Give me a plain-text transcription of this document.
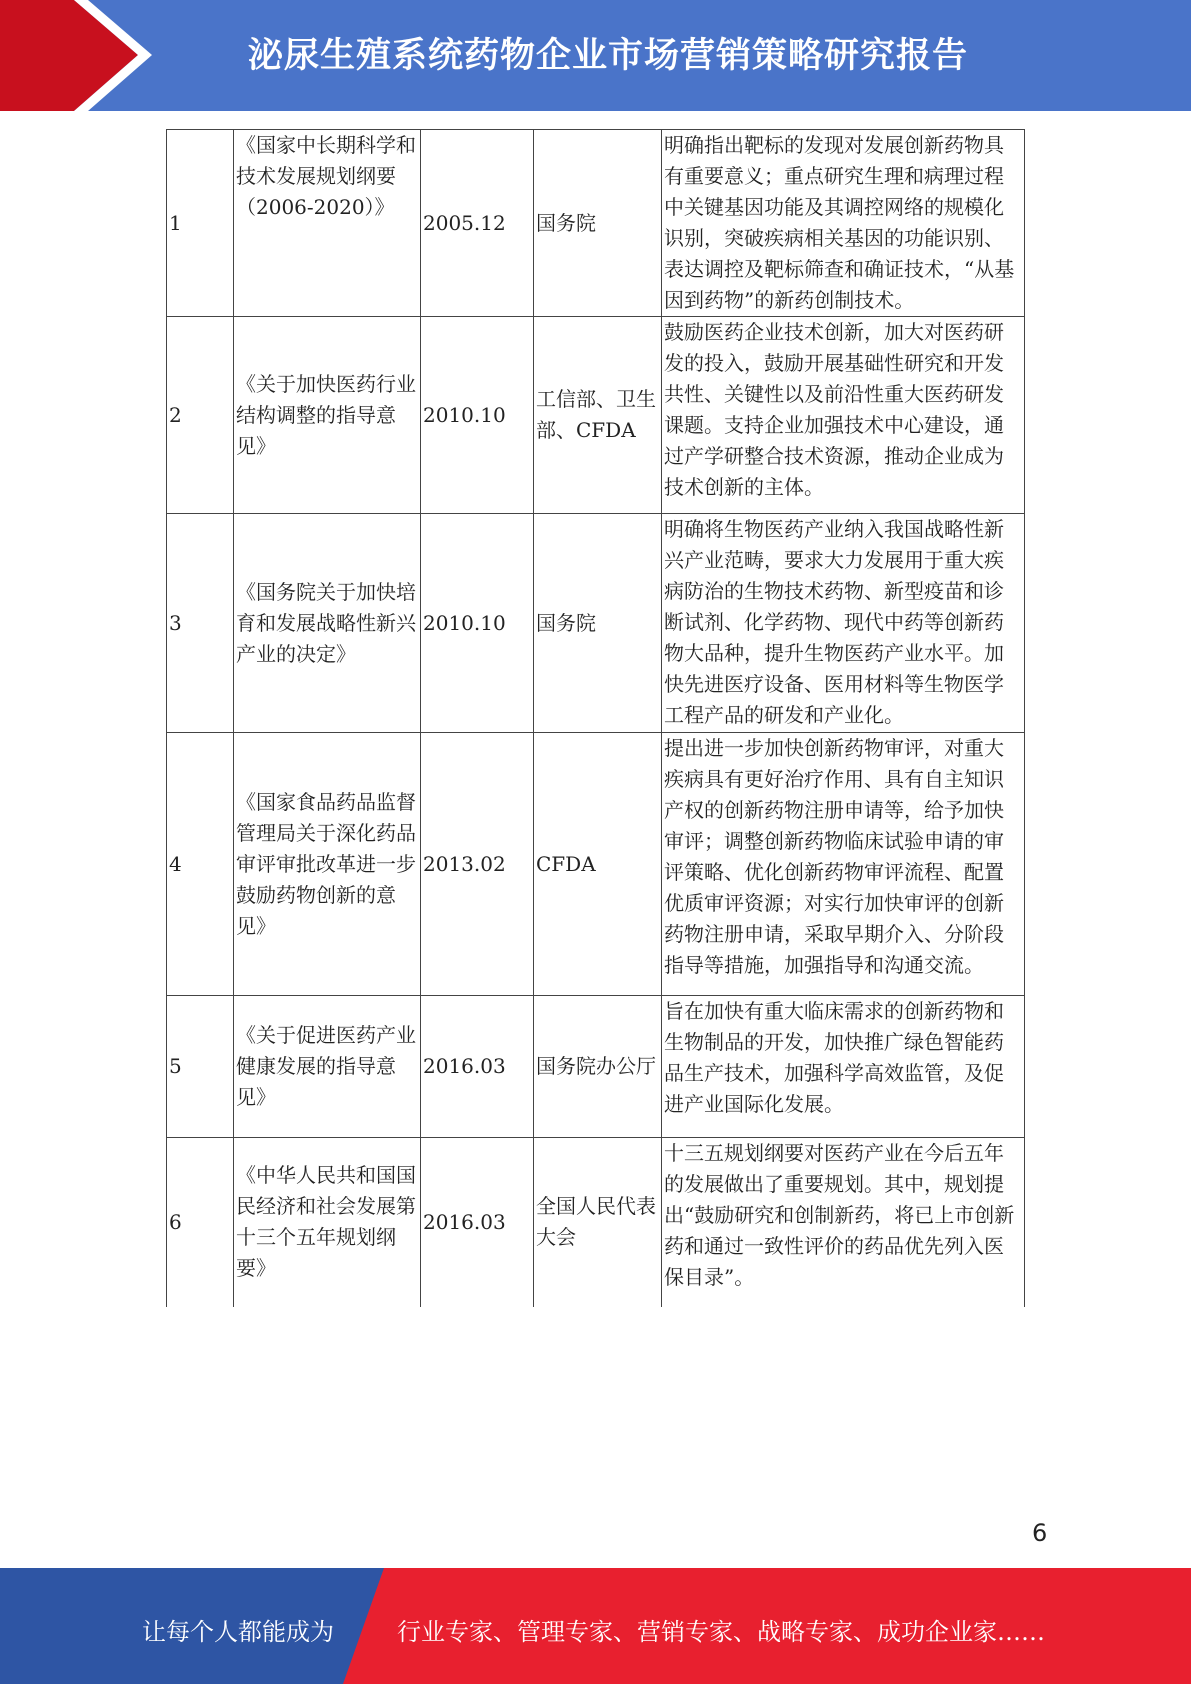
泌尿生殖系统药物企业市场营销策略研究报告
1	《国家中长期科学和技术发展规划纲要（2006-2020）》	2005.12	国务院	明确指出靶标的发现对发展创新药物具有重要意义；重点研究生理和病理过程中关键基因功能及其调控网络的规模化识别，突破疾病相关基因的功能识别、表达调控及靶标筛查和确证技术，“从基因到药物”的新药创制技术。
2	《关于加快医药行业结构调整的指导意见》	2010.10	工信部、卫生部、CFDA	鼓励医药企业技术创新，加大对医药研发的投入，鼓励开展基础性研究和开发共性、关键性以及前沿性重大医药研发课题。支持企业加强技术中心建设，通过产学研整合技术资源，推动企业成为技术创新的主体。
3	《国务院关于加快培育和发展战略性新兴产业的决定》	2010.10	国务院	明确将生物医药产业纳入我国战略性新兴产业范畴，要求大力发展用于重大疾病防治的生物技术药物、新型疫苗和诊断试剂、化学药物、现代中药等创新药物大品种，提升生物医药产业水平。加快先进医疗设备、医用材料等生物医学工程产品的研发和产业化。
4	《国家食品药品监督管理局关于深化药品审评审批改革进一步鼓励药物创新的意见》	2013.02	CFDA	提出进一步加快创新药物审评，对重大疾病具有更好治疗作用、具有自主知识产权的创新药物注册申请等，给予加快审评；调整创新药物临床试验申请的审评策略、优化创新药物审评流程、配置优质审评资源；对实行加快审评的创新药物注册申请，采取早期介入、分阶段指导等措施，加强指导和沟通交流。
5	《关于促进医药产业健康发展的指导意见》	2016.03	国务院办公厅	旨在加快有重大临床需求的创新药物和生物制品的开发，加快推广绿色智能药品生产技术，加强科学高效监管，及促进产业国际化发展。
6	《中华人民共和国国民经济和社会发展第十三个五年规划纲要》	2016.03	全国人民代表大会	十三五规划纲要对医药产业在今后五年的发展做出了重要规划。其中，规划提出“鼓励研究和创制新药，将已上市创新药和通过一致性评价的药品优先列入医保目录”。
6
让每个人都能成为	行业专家、管理专家、营销专家、战略专家、成功企业家……
